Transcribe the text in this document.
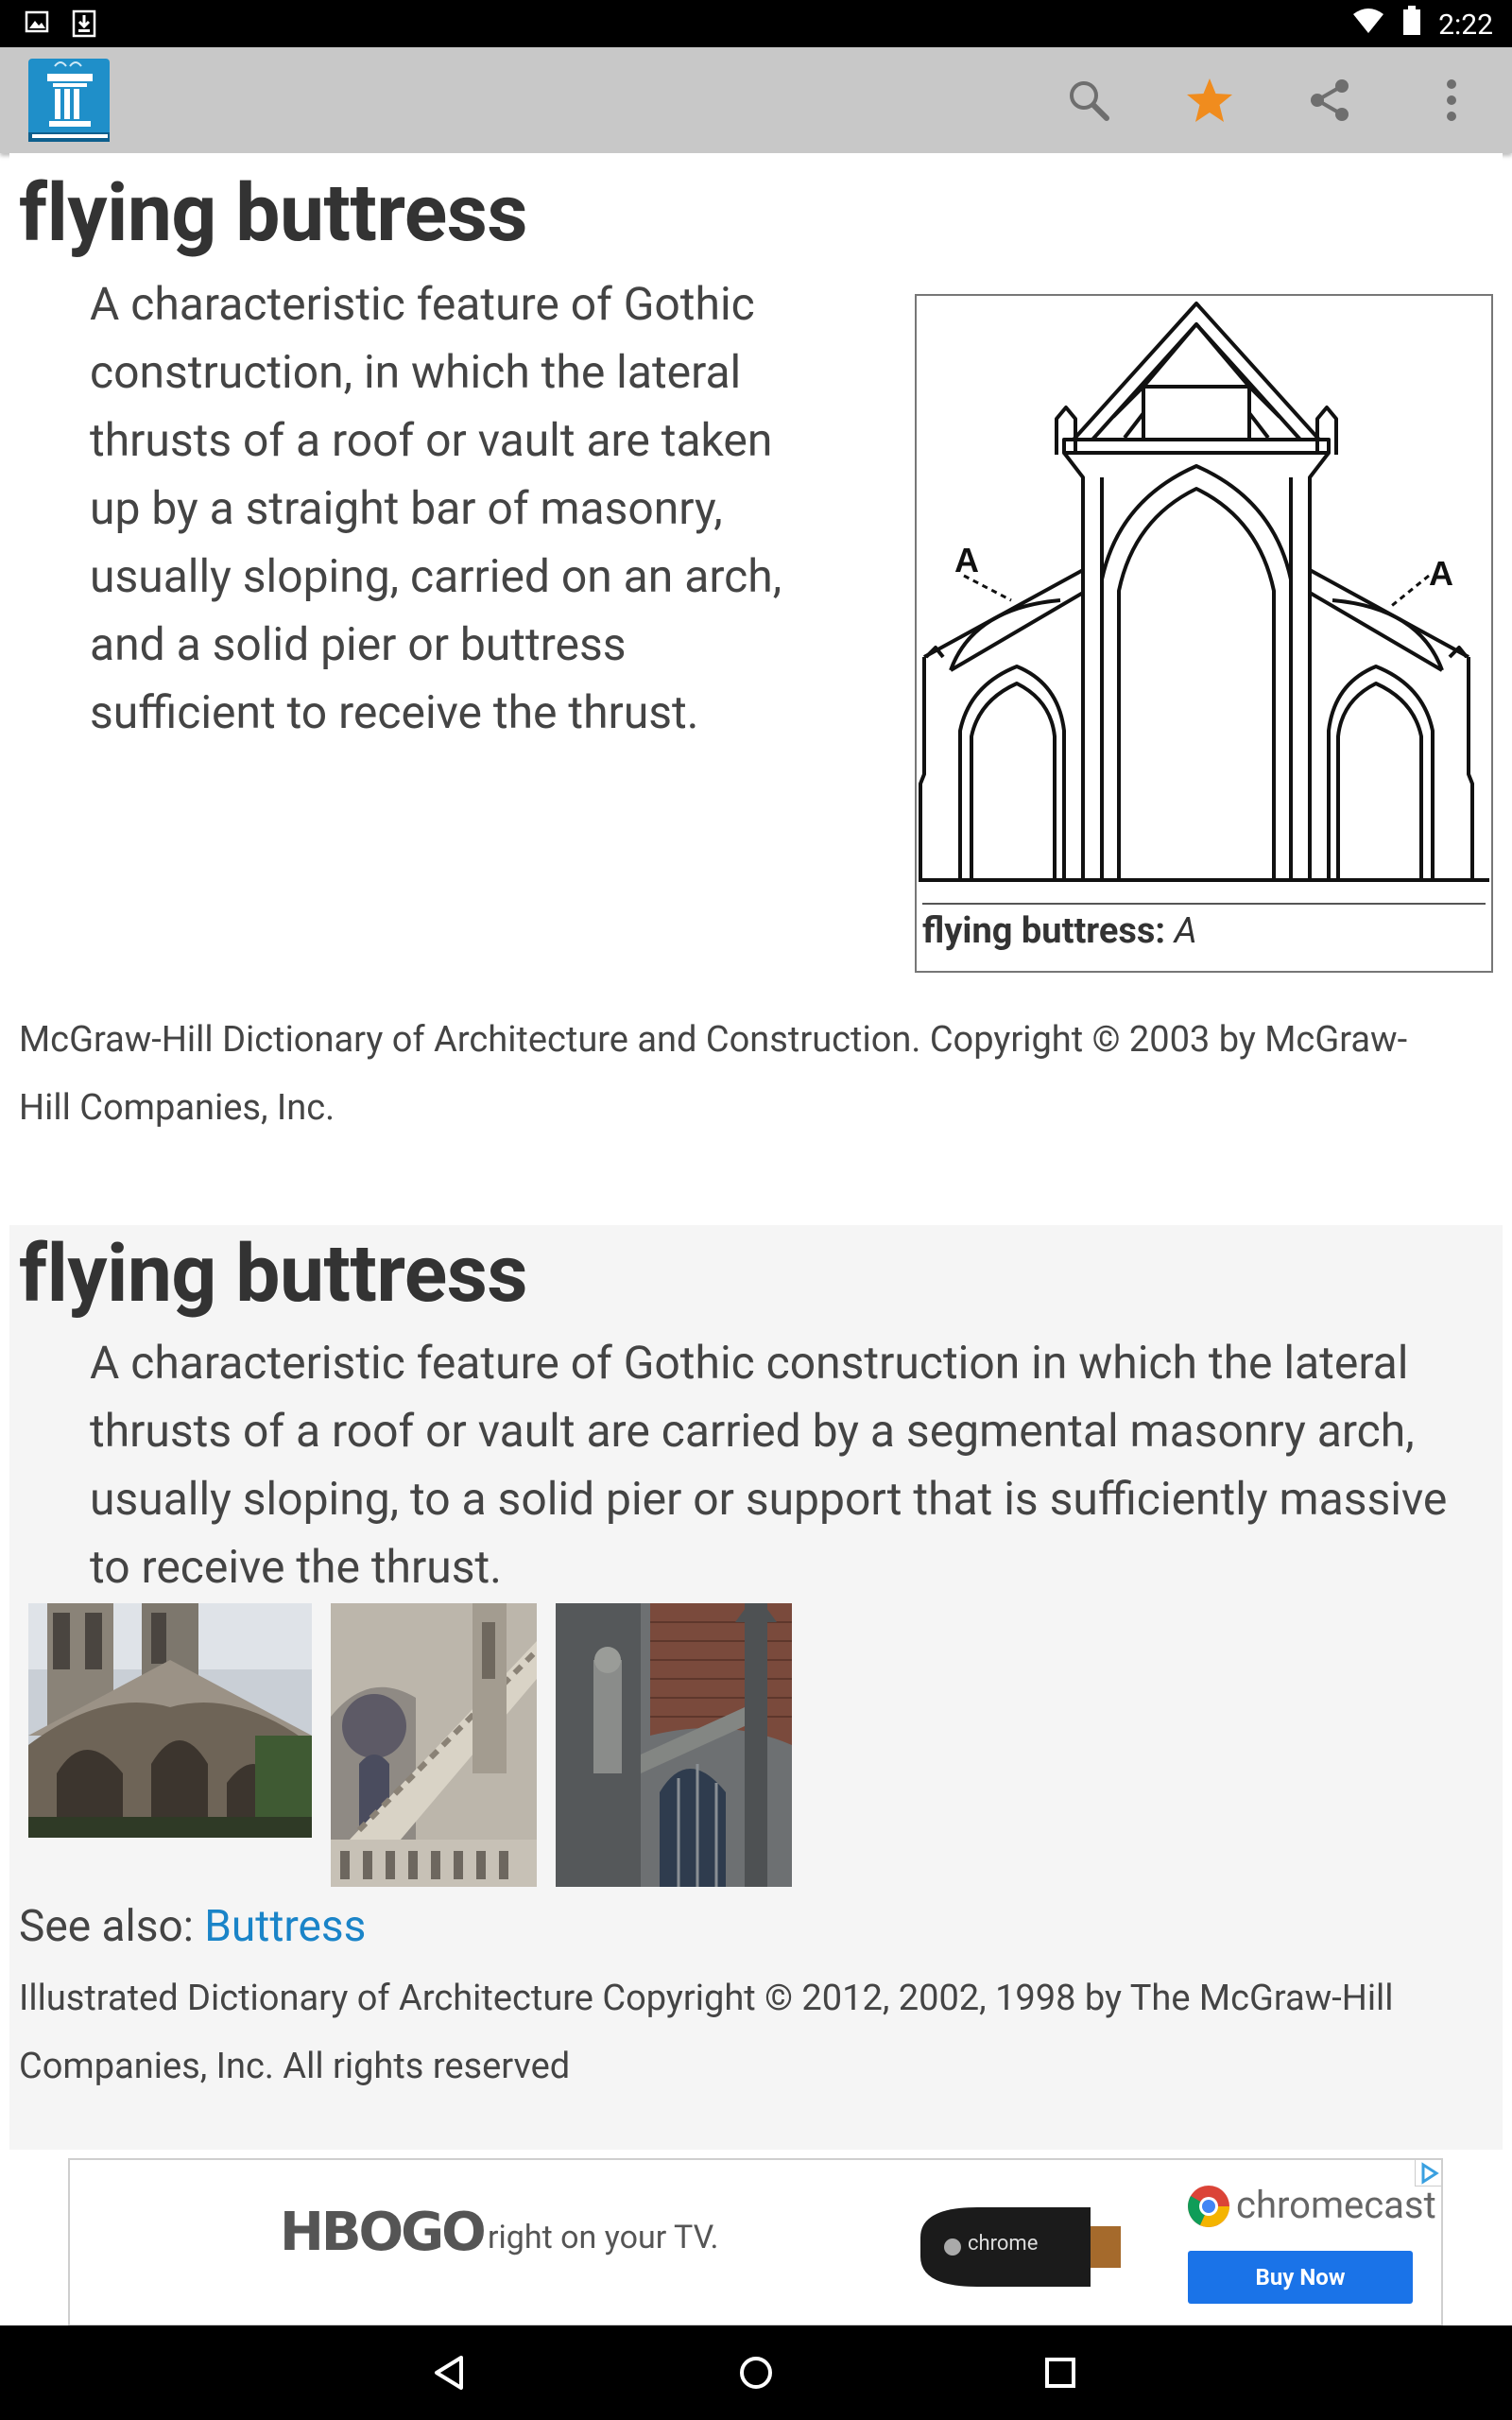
2:22
flying buttress
A characteristic feature of Gothic
construction, in which the lateral
thrusts of a roof or vault are taken
up by a straight bar of masonry,
usually sloping, carried on an arch,
and a solid pier or buttress
sufficient to receive the thrust.
A	A
flying buttress: A
McGraw-Hill Dictionary of Architecture and Construction. Copyright © 2003 by McGraw-
Hill Companies, Inc.
flying buttress
A characteristic feature of Gothic construction in which the lateral
thrusts of a roof or vault are carried by a segmental masonry arch,
usually sloping, to a solid pier or support that is sufficiently massive
to receive the thrust.
See also: Buttress
Illustrated Dictionary of Architecture Copyright © 2012, 2002, 1998 by The McGraw-Hill
Companies, Inc. All rights reserved
HBOGO right on your TV.	chrome
chromecast
Buy Now
